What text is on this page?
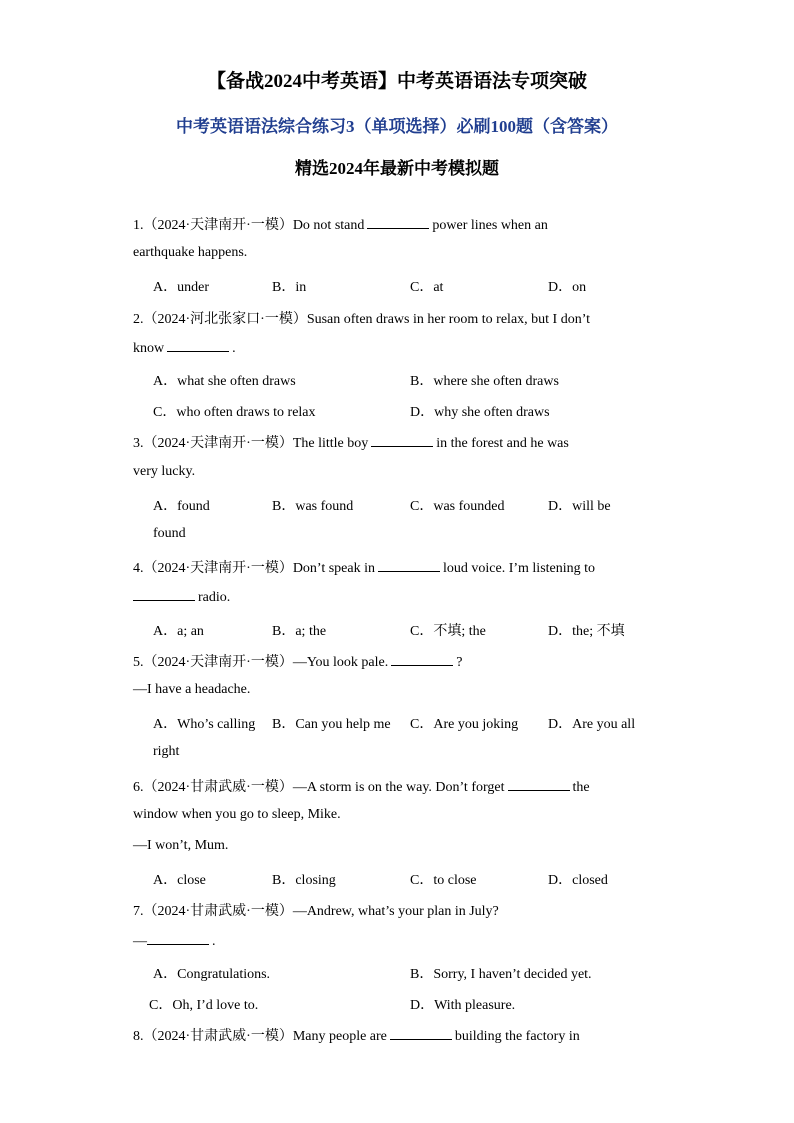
【备战2024中考英语】中考英语语法专项突破
中考英语语法综合练习3（单项选择）必刷100题（含答案）
精选2024年最新中考模拟题
1.（2024·天津南开·一模）Do not stand	power lines when an
earthquake happens.
A．under	B．in	C．at	D．on
2.（2024·河北张家口·一模）Susan often draws in her room to relax, but I don’t
know	.
A．what she often draws	B．where she often draws
C．who often draws to relax	D．why she often draws
3.（2024·天津南开·一模）The little boy	in the forest and he was
very lucky.
A．found	B．was found	C．was founded	D．will be
found
4.（2024·天津南开·一模）Don’t speak in	loud voice. I’m listening to
radio.
A．a; an	B．a; the	C．不填; the	D．the; 不填
5.（2024·天津南开·一模）—You look pale.	?
—I have a headache.
A．Who’s calling B．Can you help me C．Are you joking D．Are you all
right
6.（2024·甘肃武威·一模）—A storm is on the way. Don’t forget	the
window when you go to sleep, Mike.
—I won’t, Mum.
A．close	B．closing	C．to close	D．closed
7.（2024·甘肃武威·一模）—Andrew, what’s your plan in July?
—	.
A．Congratulations.	B．Sorry, I haven’t decided yet.
C．Oh, I’d love to.	D．With pleasure.
8.（2024·甘肃武威·一模）Many people are	building the factory in
